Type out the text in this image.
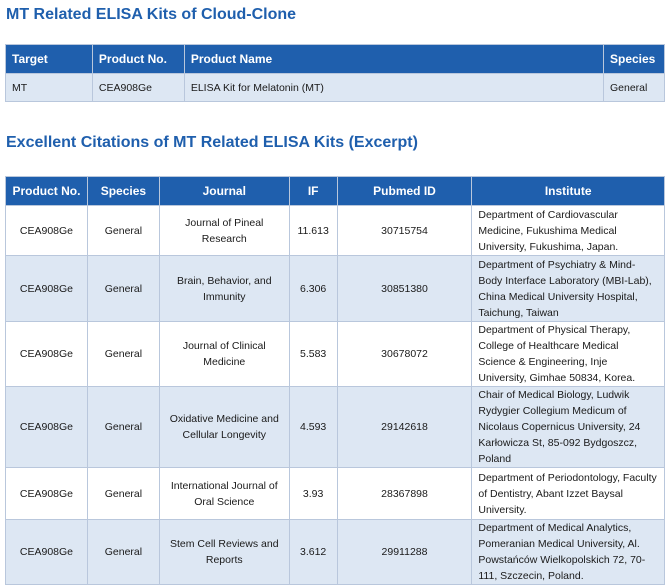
MT Related ELISA Kits of Cloud-Clone
Target	Product No.	Product Name	Species
MT	CEA908Ge	ELISA Kit for Melatonin (MT)	General
Excellent Citations of MT Related ELISA Kits (Excerpt)
Product No.	Species	Journal	IF	Pubmed ID	Institute
CEA908Ge	General	Journal of Pineal Research	11.613	30715754	Department of Cardiovascular Medicine, Fukushima Medical University, Fukushima, Japan.
CEA908Ge	General	Brain, Behavior, and Immunity	6.306	30851380	Department of Psychiatry & Mind-Body Interface Laboratory (MBI-Lab), China Medical University Hospital, Taichung, Taiwan
CEA908Ge	General	Journal of Clinical Medicine	5.583	30678072	Department of Physical Therapy, College of Healthcare Medical Science & Engineering, Inje University, Gimhae 50834, Korea.
CEA908Ge	General	Oxidative Medicine and Cellular Longevity	4.593	29142618	Chair of Medical Biology, Ludwik Rydygier Collegium Medicum of Nicolaus Copernicus University, 24 Karłowicza St, 85-092 Bydgoszcz, Poland
CEA908Ge	General	International Journal of Oral Science	3.93	28367898	Department of Periodontology, Faculty of Dentistry, Abant Izzet Baysal University.
CEA908Ge	General	Stem Cell Reviews and Reports	3.612	29911288	Department of Medical Analytics, Pomeranian Medical University, Al. Powstańców Wielkopolskich 72, 70-111, Szczecin, Poland.
